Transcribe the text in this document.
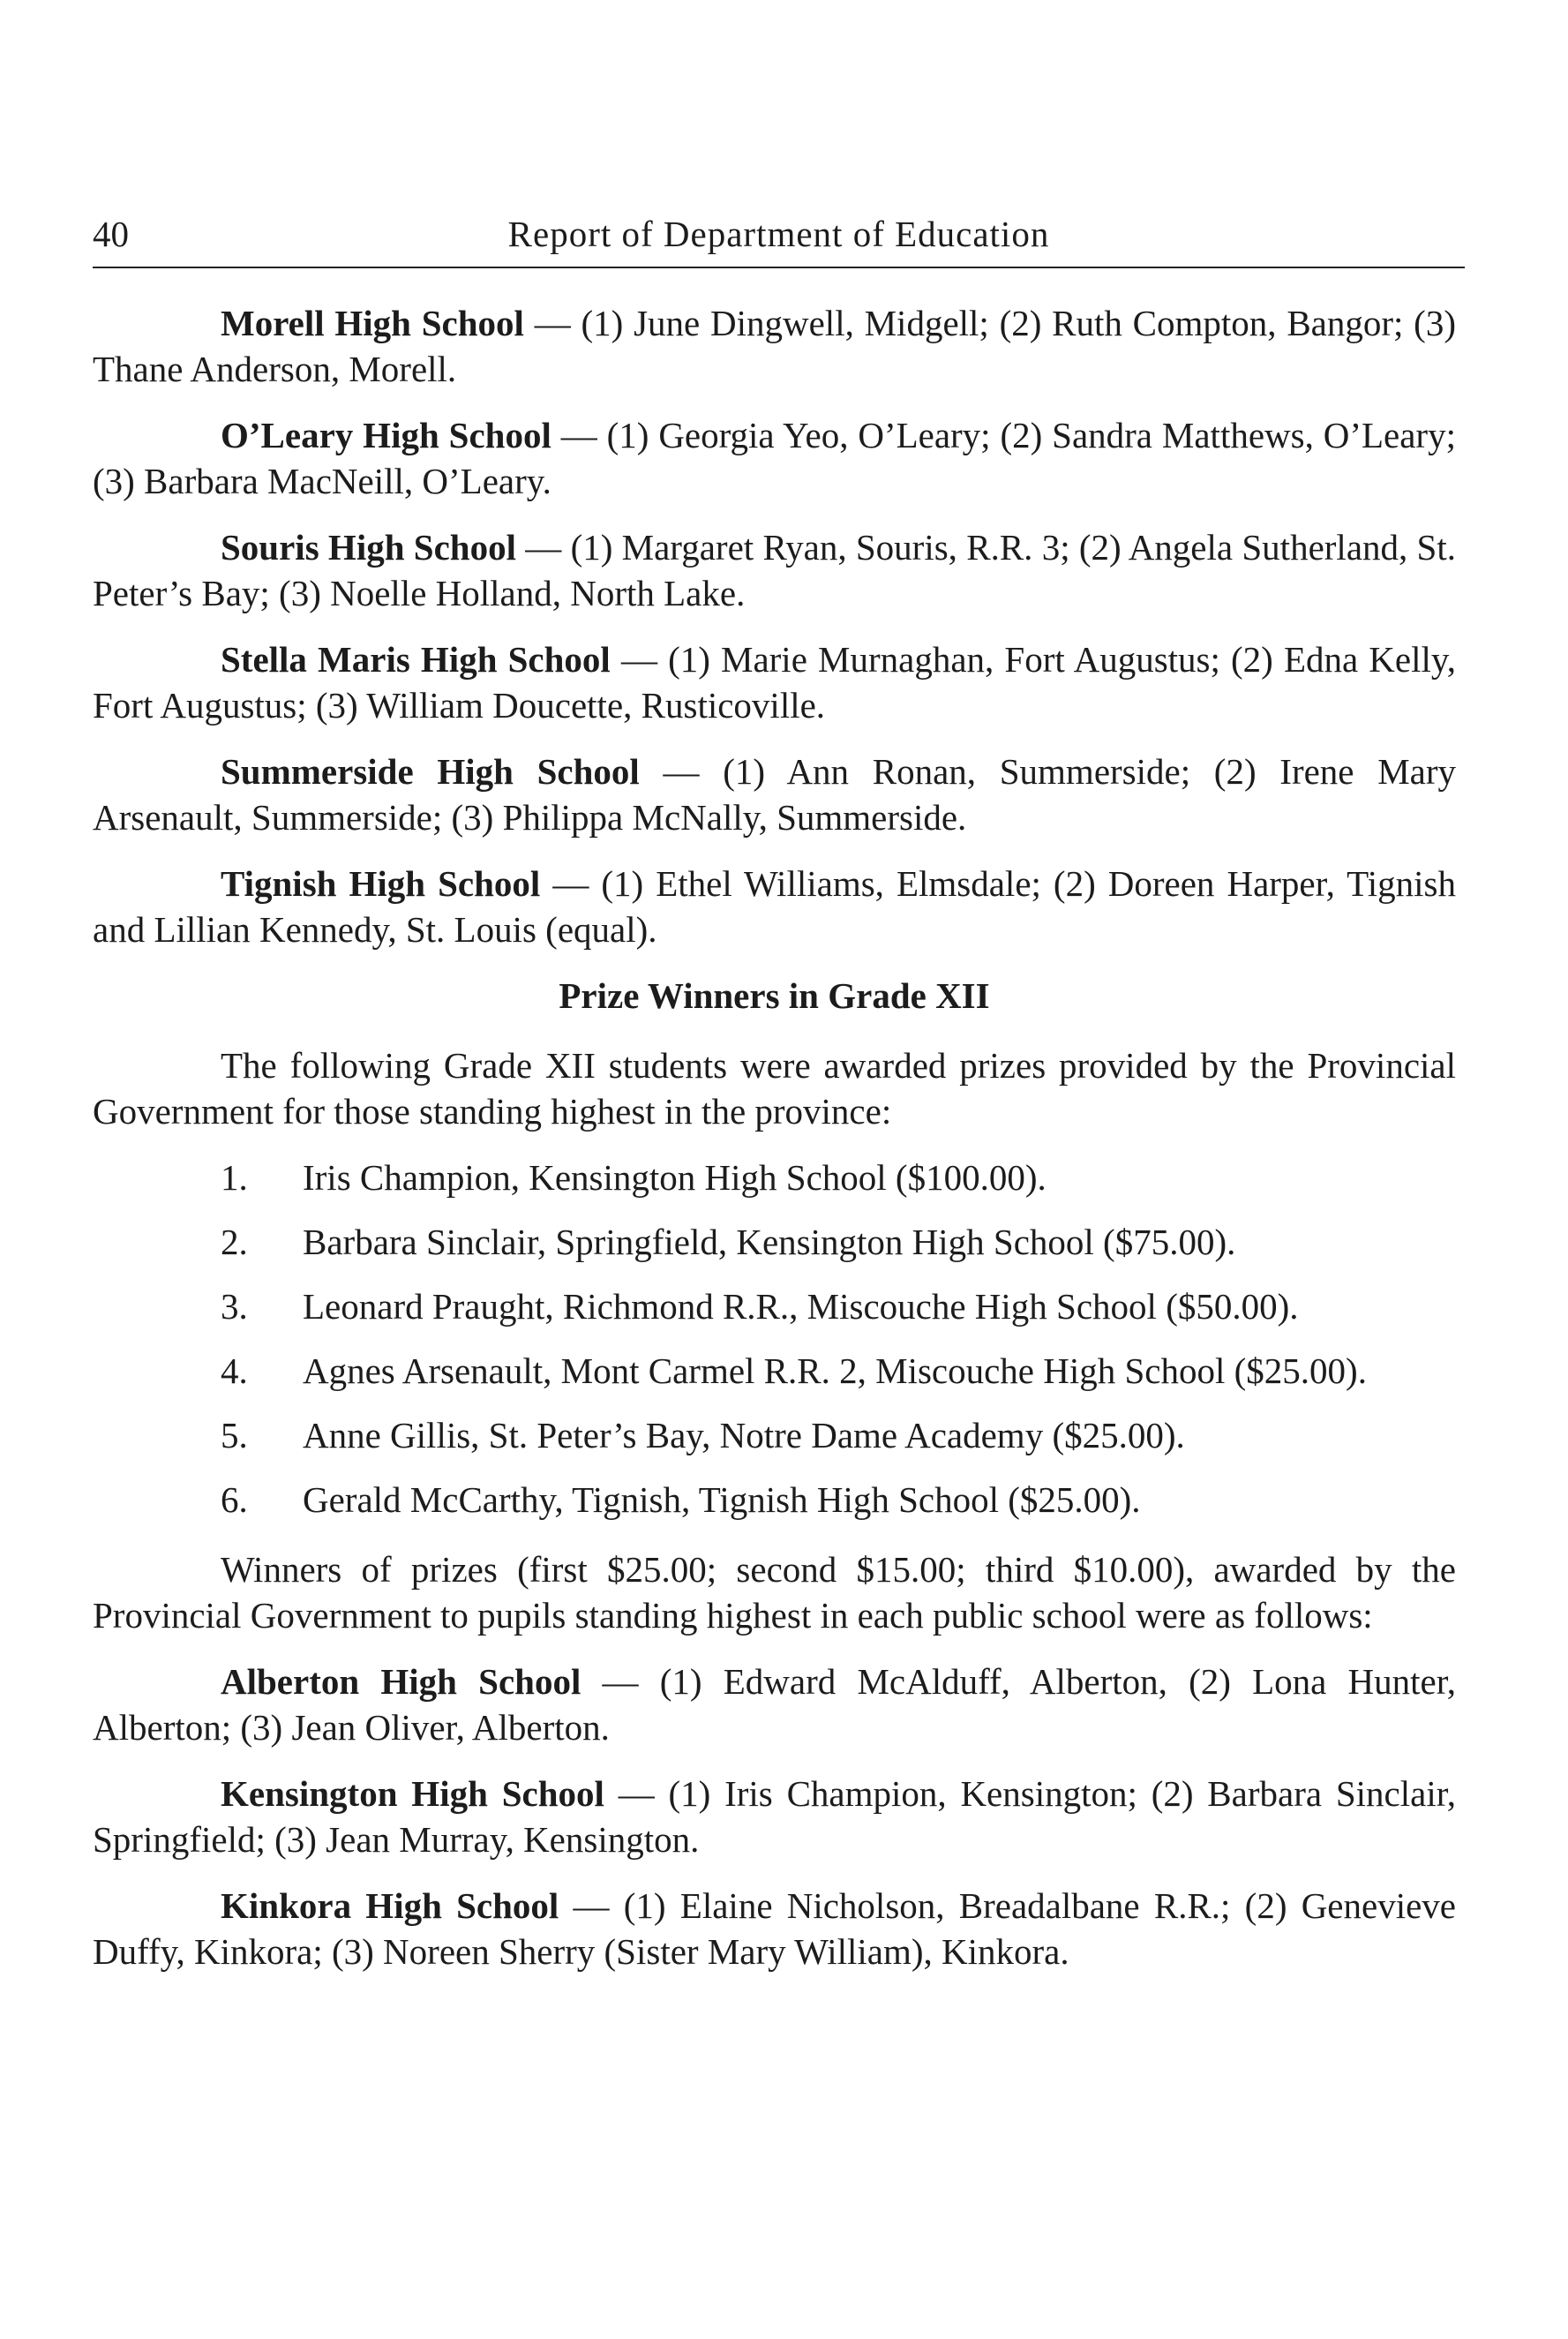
40	Report of Department of Education

Morell High School — (1) June Dingwell, Midgell; (2) Ruth Compton, Bangor; (3) Thane Anderson, Morell.

O’Leary High School — (1) Georgia Yeo, O’Leary; (2) Sandra Matthews, O’Leary; (3) Barbara MacNeill, O’Leary.

Souris High School — (1) Margaret Ryan, Souris, R.R. 3; (2) Angela Sutherland, St. Peter’s Bay; (3) Noelle Holland, North Lake.

Stella Maris High School — (1) Marie Murnaghan, Fort Augustus; (2) Edna Kelly, Fort Augustus; (3) William Doucette, Rusticoville.

Summerside High School — (1) Ann Ronan, Summerside; (2) Irene Mary Arsenault, Summerside; (3) Philippa McNally, Summerside.

Tignish High School — (1) Ethel Williams, Elmsdale; (2) Doreen Harper, Tignish and Lillian Kennedy, St. Louis (equal).

Prize Winners in Grade XII

The following Grade XII students were awarded prizes provided by the Provincial Government for those standing highest in the province:

1. Iris Champion, Kensington High School ($100.00).
2. Barbara Sinclair, Springfield, Kensington High School ($75.00).
3. Leonard Praught, Richmond R.R., Miscouche High School ($50.00).
4. Agnes Arsenault, Mont Carmel R.R. 2, Miscouche High School ($25.00).
5. Anne Gillis, St. Peter’s Bay, Notre Dame Academy ($25.00).
6. Gerald McCarthy, Tignish, Tignish High School ($25.00).

Winners of prizes (first $25.00; second $15.00; third $10.00), awarded by the Provincial Government to pupils standing highest in each public school were as follows:

Alberton High School — (1) Edward McAlduff, Alberton, (2) Lona Hunter, Alberton; (3) Jean Oliver, Alberton.

Kensington High School — (1) Iris Champion, Kensington; (2) Barbara Sinclair, Springfield; (3) Jean Murray, Kensington.

Kinkora High School — (1) Elaine Nicholson, Breadalbane R.R.; (2) Genevieve Duffy, Kinkora; (3) Noreen Sherry (Sister Mary William), Kinkora.
